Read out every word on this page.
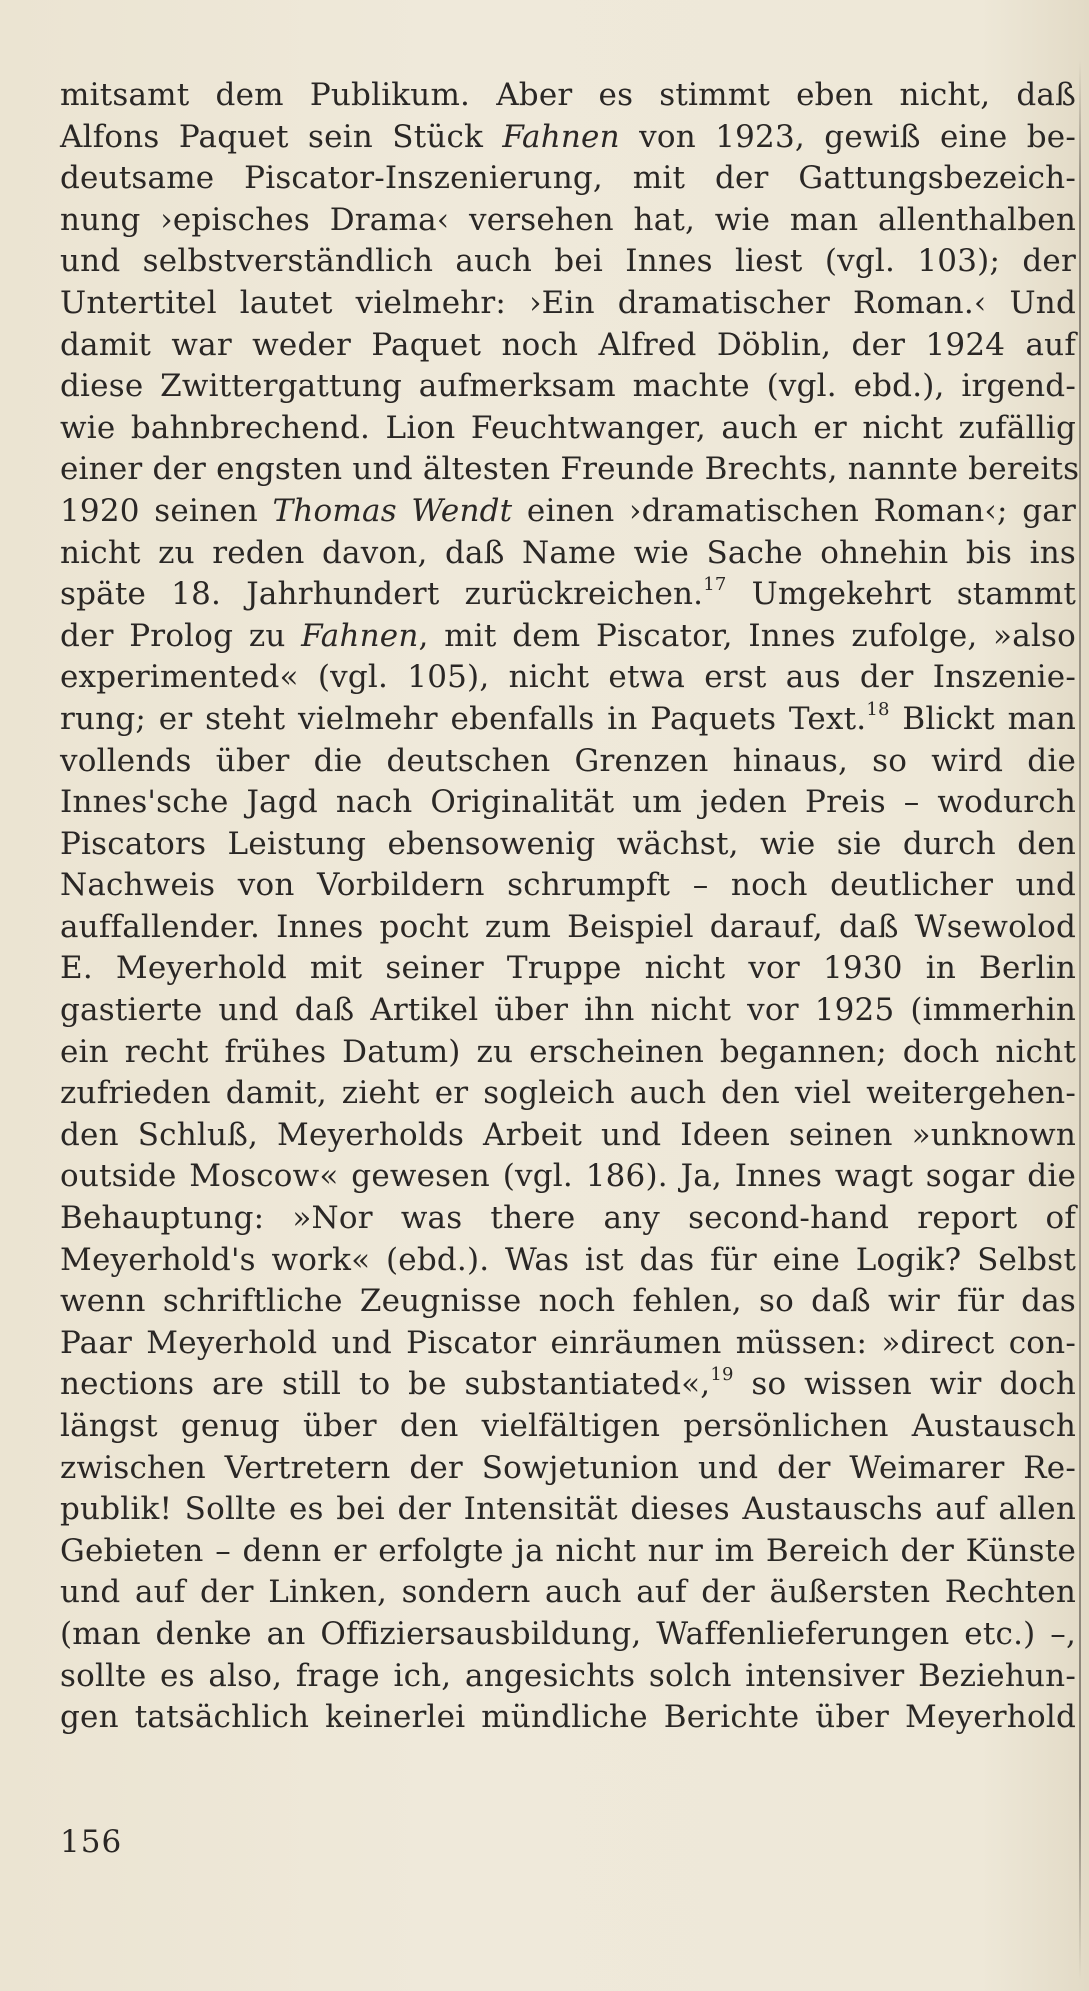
mitsamt dem Publikum. Aber es stimmt eben nicht, daß
Alfons Paquet sein Stück Fahnen von 1923, gewiß eine be-
deutsame Piscator-Inszenierung, mit der Gattungsbezeich-
nung ›episches Drama‹ versehen hat, wie man allenthalben
und selbstverständlich auch bei Innes liest (vgl. 103); der
Untertitel lautet vielmehr: ›Ein dramatischer Roman.‹ Und
damit war weder Paquet noch Alfred Döblin, der 1924 auf
diese Zwittergattung aufmerksam machte (vgl. ebd.), irgend-
wie bahnbrechend. Lion Feuchtwanger, auch er nicht zufällig
einer der engsten und ältesten Freunde Brechts, nannte bereits
1920 seinen Thomas Wendt einen ›dramatischen Roman‹; gar
nicht zu reden davon, daß Name wie Sache ohnehin bis ins
späte 18. Jahrhundert zurückreichen.$^{17}$ Umgekehrt stammt
der Prolog zu Fahnen, mit dem Piscator, Innes zufolge, »also
experimented« (vgl. 105), nicht etwa erst aus der Inszenie-
rung; er steht vielmehr ebenfalls in Paquets Text.$^{18}$ Blickt man
vollends über die deutschen Grenzen hinaus, so wird die
Innes'sche Jagd nach Originalität um jeden Preis – wodurch
Piscators Leistung ebensowenig wächst, wie sie durch den
Nachweis von Vorbildern schrumpft – noch deutlicher und
auffallender. Innes pocht zum Beispiel darauf, daß Wsewolod
E. Meyerhold mit seiner Truppe nicht vor 1930 in Berlin
gastierte und daß Artikel über ihn nicht vor 1925 (immerhin
ein recht frühes Datum) zu erscheinen begannen; doch nicht
zufrieden damit, zieht er sogleich auch den viel weitergehen-
den Schluß, Meyerholds Arbeit und Ideen seinen »unknown
outside Moscow« gewesen (vgl. 186). Ja, Innes wagt sogar die
Behauptung: »Nor was there any second-hand report of
Meyerhold's work« (ebd.). Was ist das für eine Logik? Selbst
wenn schriftliche Zeugnisse noch fehlen, so daß wir für das
Paar Meyerhold und Piscator einräumen müssen: »direct con-
nections are still to be substantiated«,$^{19}$ so wissen wir doch
längst genug über den vielfältigen persönlichen Austausch
zwischen Vertretern der Sowjetunion und der Weimarer Re-
publik! Sollte es bei der Intensität dieses Austauschs auf allen
Gebieten – denn er erfolgte ja nicht nur im Bereich der Künste
und auf der Linken, sondern auch auf der äußersten Rechten
(man denke an Offiziersausbildung, Waffenlieferungen etc.) –,
sollte es also, frage ich, angesichts solch intensiver Beziehun-
gen tatsächlich keinerlei mündliche Berichte über Meyerhold
156
